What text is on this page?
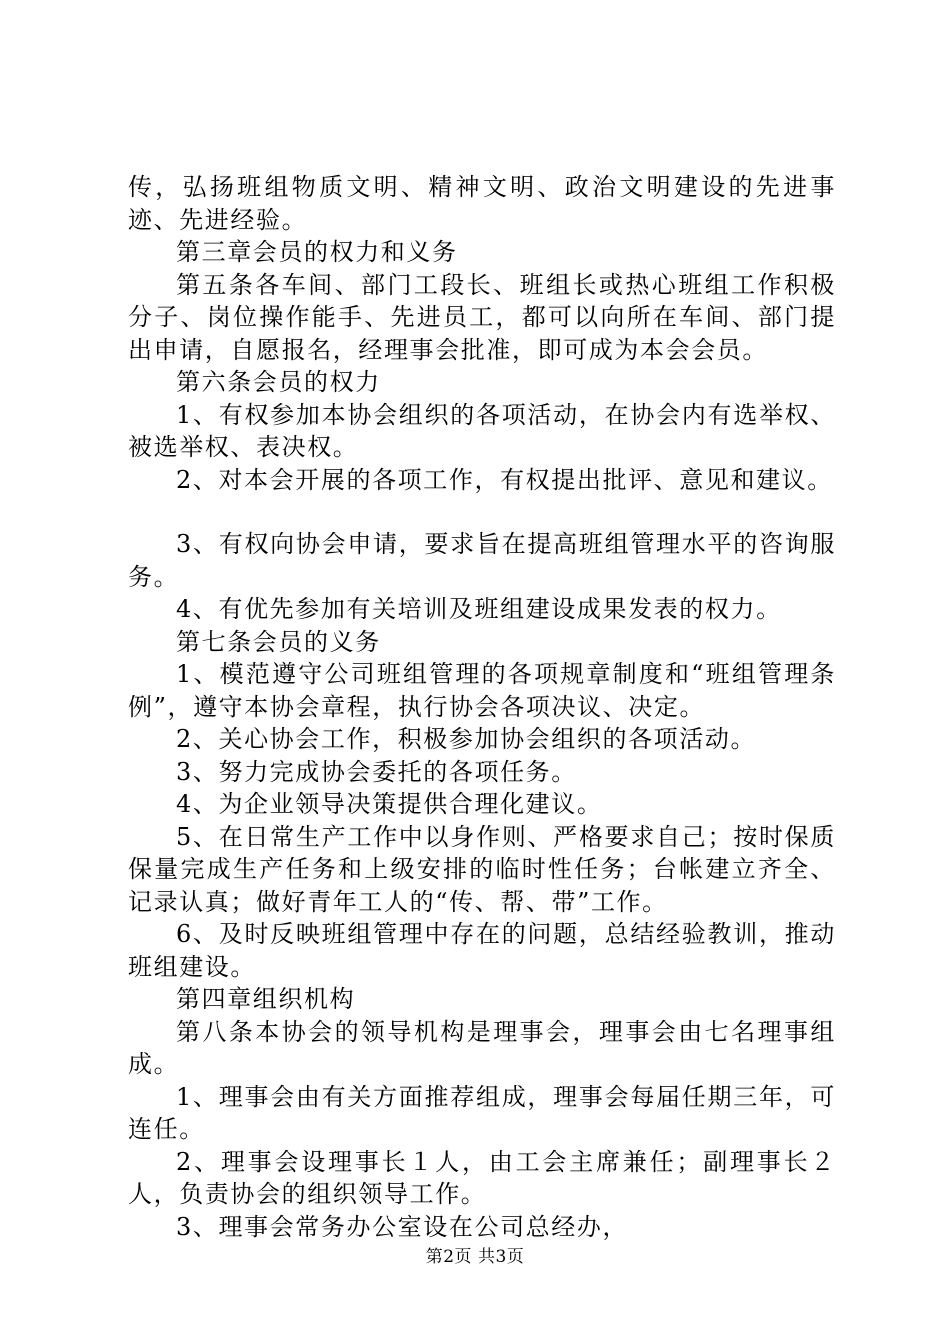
传，弘扬班组物质文明、精神文明、政治文明建设的先进事迹、先进经验。

第三章会员的权力和义务

第五条各车间、部门工段长、班组长或热心班组工作积极分子、岗位操作能手、先进员工，都可以向所在车间、部门提出申请，自愿报名，经理事会批准，即可成为本会会员。

第六条会员的权力

1、有权参加本协会组织的各项活动，在协会内有选举权、被选举权、表决权。

2、对本会开展的各项工作，有权提出批评、意见和建议。

3、有权向协会申请，要求旨在提高班组管理水平的咨询服务。

4、有优先参加有关培训及班组建设成果发表的权力。

第七条会员的义务

1、模范遵守公司班组管理的各项规章制度和“班组管理条例”，遵守本协会章程，执行协会各项决议、决定。

2、关心协会工作，积极参加协会组织的各项活动。

3、努力完成协会委托的各项任务。

4、为企业领导决策提供合理化建议。

5、在日常生产工作中以身作则、严格要求自己；按时保质保量完成生产任务和上级安排的临时性任务；台帐建立齐全、记录认真；做好青年工人的“传、帮、带”工作。

6、及时反映班组管理中存在的问题，总结经验教训，推动班组建设。

第四章组织机构

第八条本协会的领导机构是理事会，理事会由七名理事组成。

1、理事会由有关方面推荐组成，理事会每届任期三年，可连任。

2、理事会设理事长１人，由工会主席兼任；副理事长２人，负责协会的组织领导工作。

3、理事会常务办公室设在公司总经办，

第2页 共3页
